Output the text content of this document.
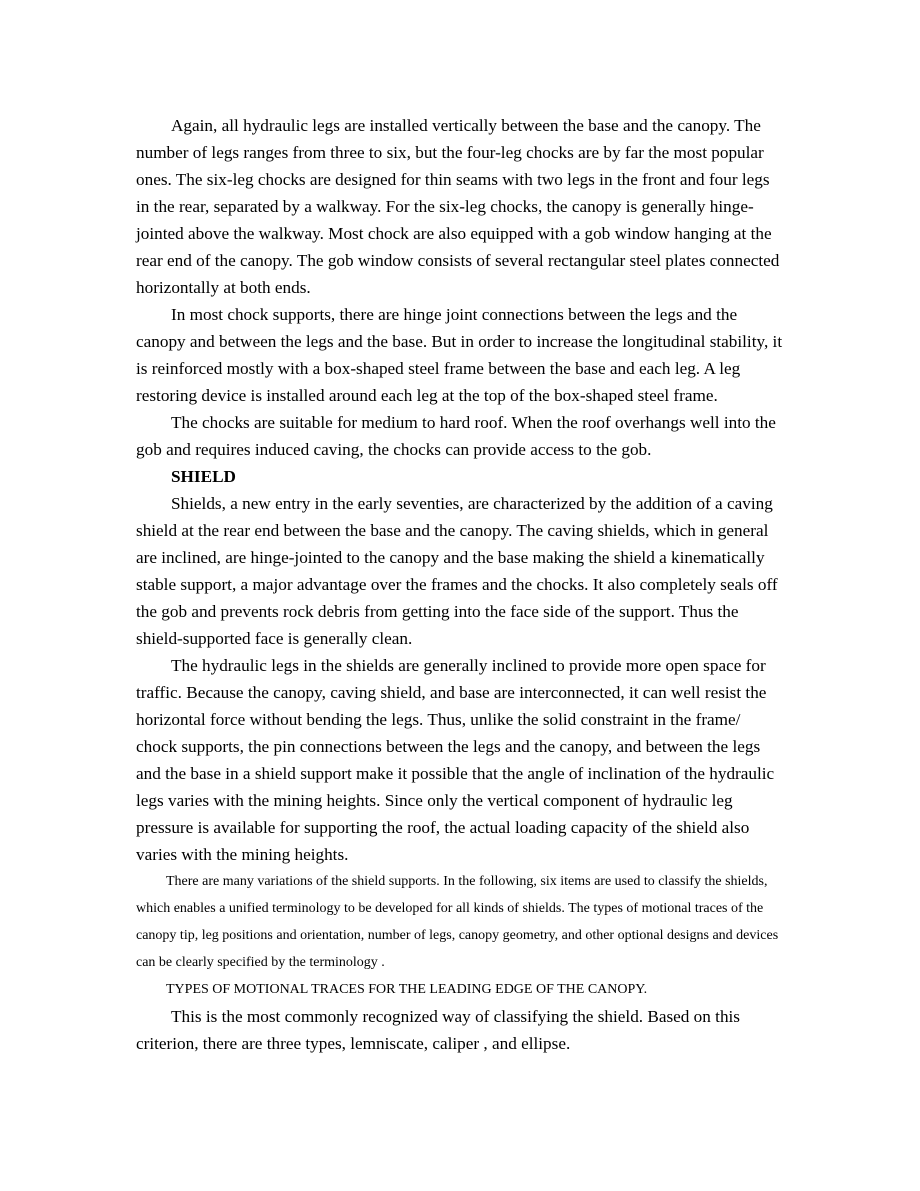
Again, all hydraulic legs are installed vertically between the base and the canopy. The number of legs ranges from three to six, but the four-leg chocks are by far the most popular ones. The six-leg chocks are designed for thin seams with two legs in the front and four legs in the rear, separated by a walkway. For the six-leg chocks, the canopy is generally hinge-jointed above the walkway. Most chock are also equipped with a gob window hanging at the rear end of the canopy. The gob window consists of several rectangular steel plates connected horizontally at both ends.

In most chock supports, there are hinge joint connections between the legs and the canopy and between the legs and the base. But in order to increase the longitudinal stability, it is reinforced mostly with a box-shaped steel frame between the base and each leg. A leg restoring device is installed around each leg at the top of the box-shaped steel frame.

The chocks are suitable for medium to hard roof. When the roof overhangs well into the gob and requires induced caving, the chocks can provide access to the gob.

SHIELD

Shields, a new entry in the early seventies, are characterized by the addition of a caving shield at the rear end between the base and the canopy. The caving shields, which in general are inclined, are hinge-jointed to the canopy and the base making the shield a kinematically stable support, a major advantage over the frames and the chocks. It also completely seals off the gob and prevents rock debris from getting into the face side of the support. Thus the shield-supported face is generally clean.

The hydraulic legs in the shields are generally inclined to provide more open space for traffic. Because the canopy, caving shield, and base are interconnected, it can well resist the horizontal force without bending the legs. Thus, unlike the solid constraint in the frame/ chock supports, the pin connections between the legs and the canopy, and between the legs and the base in a shield support make it possible that the angle of inclination of the hydraulic legs varies with the mining heights. Since only the vertical component of hydraulic leg pressure is available for supporting the roof, the actual loading capacity of the shield also varies with the mining heights.

There are many variations of the shield supports. In the following, six items are used to classify the shields, which enables a unified terminology to be developed for all kinds of shields. The types of motional traces of the canopy tip, leg positions and orientation, number of legs, canopy geometry, and other optional designs and devices can be clearly specified by the terminology .

TYPES OF MOTIONAL TRACES FOR THE LEADING EDGE OF THE CANOPY.

This is the most commonly recognized way of classifying the shield. Based on this criterion, there are three types, lemniscate, caliper , and ellipse.
